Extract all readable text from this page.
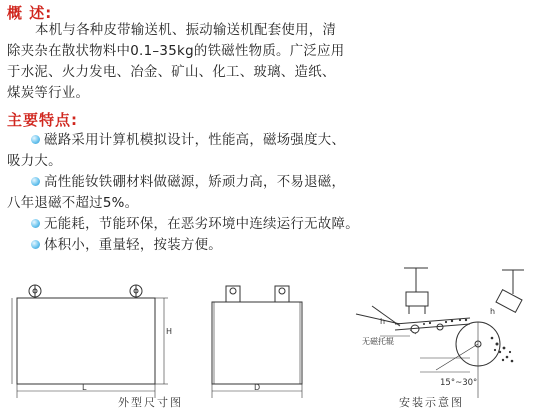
概 述:
本机与各种皮带输送机、振动输送机配套使用，清
除夹杂在散状物料中0.1–35kg的铁磁性物质。广泛应用
于水泥、火力发电、冶金、矿山、化工、玻璃、造纸、
煤炭等行业。
主要特点:
磁路采用计算机模拟设计，性能高，磁场强度大、
吸力大。
高性能钕铁硼材料做磁源，矫顽力高，不易退磁，
八年退磁不超过5%。
无能耗，节能环保，在恶劣环境中连续运行无故障。
体积小，重量轻，按装方便。
H
L	D
h
h
无磁托辊
15°~30°
外型尺寸图	安装示意图
